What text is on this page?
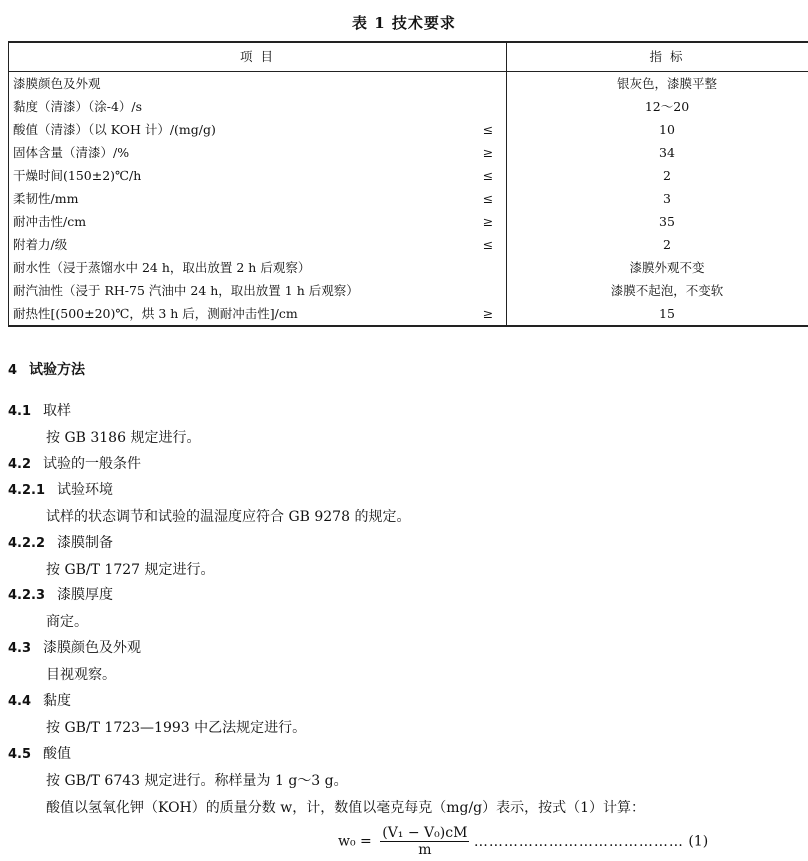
表 1 技术要求
项 目		指 标
漆膜颜色及外观		银灰色，漆膜平整
黏度（清漆）（涂-4）/s		12～20
酸值（清漆）（以 KOH 计）/(mg/g)	≤	10
固体含量（清漆）/%	≥	34
干燥时间(150±2)℃/h	≤	2
柔韧性/mm	≤	3
耐冲击性/cm	≥	35
附着力/级	≤	2
耐水性（浸于蒸馏水中 24 h，取出放置 2 h 后观察）		漆膜外观不变
耐汽油性（浸于 RH-75 汽油中 24 h，取出放置 1 h 后观察）		漆膜不起泡，不变软
耐热性[(500±20)℃，烘 3 h 后，测耐冲击性]/cm	≥	15
4 试验方法
4.1 取样
按 GB 3186 规定进行。
4.2 试验的一般条件
4.2.1 试验环境
试样的状态调节和试验的温湿度应符合 GB 9278 的规定。
4.2.2 漆膜制备
按 GB/T 1727 规定进行。
4.2.3 漆膜厚度
商定。
4.3 漆膜颜色及外观
目视观察。
4.4 黏度
按 GB/T 1723—1993 中乙法规定进行。
4.5 酸值
按 GB/T 6743 规定进行。称样量为 1 g～3 g。
酸值以氢氧化钾（KOH）的质量分数 w，计，数值以毫克每克（mg/g）表示，按式（1）计算：
$w_0 = \frac{\text{(V₁ − V₀)cM}}{m}$ …………………………………… (1)
